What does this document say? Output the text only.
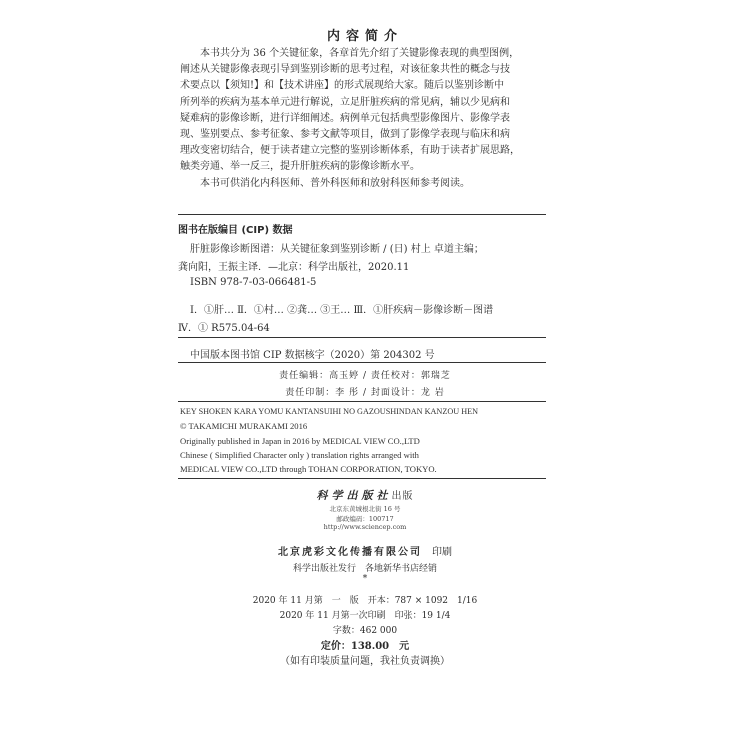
内容简介
本书共分为 36 个关键征象，各章首先介绍了关键影像表现的典型图例，
阐述从关键影像表现引导到鉴别诊断的思考过程，对该征象共性的概念与技
术要点以【须知!】和【技术讲座】的形式展现给大家。随后以鉴别诊断中
所列举的疾病为基本单元进行解说，立足肝脏疾病的常见病，辅以少见病和
疑难病的影像诊断，进行详细阐述。病例单元包括典型影像图片、影像学表
现、鉴别要点、参考征象、参考文献等项目，做到了影像学表现与临床和病
理改变密切结合，便于读者建立完整的鉴别诊断体系，有助于读者扩展思路，
触类旁通、举一反三，提升肝脏疾病的影像诊断水平。
本书可供消化内科医师、普外科医师和放射科医师参考阅读。
图书在版编目 (CIP) 数据
肝脏影像诊断图谱：从关键征象到鉴别诊断 / (日) 村上 卓道主编；
龚向阳，王振主译．—北京：科学出版社，2020.11
ISBN 978-7-03-066481-5
Ⅰ．①肝… Ⅱ．①村… ②龚… ③王… Ⅲ．①肝疾病－影像诊断－图谱
Ⅳ．① R575.04-64
中国版本图书馆 CIP 数据核字（2020）第 204302 号
责任编辑：高玉婷 / 责任校对：郭瑞芝
责任印制：李 彤 / 封面设计：龙 岩
KEY SHOKEN KARA YOMU KANTANSUIHI NO GAZOUSHINDAN KANZOU HEN
© TAKAMICHI MURAKAMI 2016
Originally published in Japan in 2016 by MEDICAL VIEW CO.,LTD
Chinese ( Simplified Character only ) translation rights arranged with
MEDICAL VIEW CO.,LTD through TOHAN CORPORATION, TOKYO.
科学出版社出版
北京东黄城根北街 16 号
邮政编码：100717
http://www.sciencep.com
北京虎彩文化传播有限公司　 印刷
科学出版社发行　各地新华书店经销
*
2020 年 11 月第　一　版　开本：787 × 1092　1/16
2020 年 11 月第一次印刷　印张：19 1/4
字数：462 000
定价：138.00　元
（如有印装质量问题，我社负责调换）
